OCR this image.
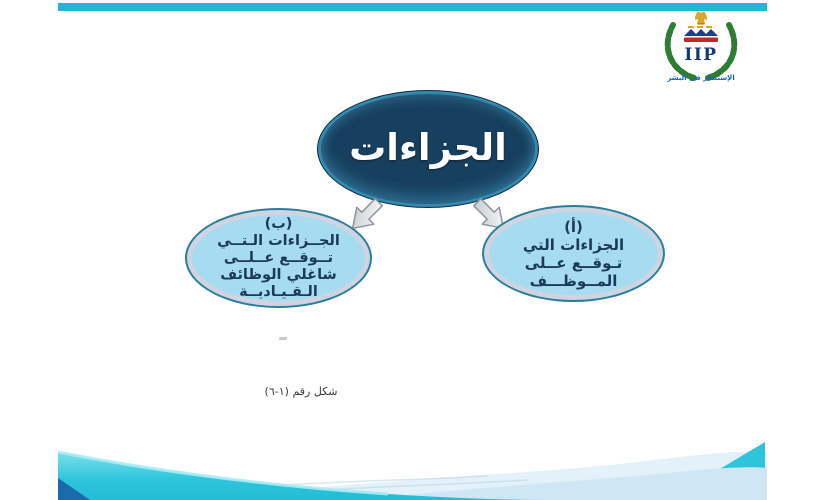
IIP
الإستثمار فى البشر
الجزاءات
(أ)
الجزاءات التي
تـوقــع عــلى
المــوظـــف
(ب)
الجــزاءات الـتــي
تــوقــع عــلــى
شاغلي الوظائف
الـقـيـاديــة
شكل رقم (١-٦)
